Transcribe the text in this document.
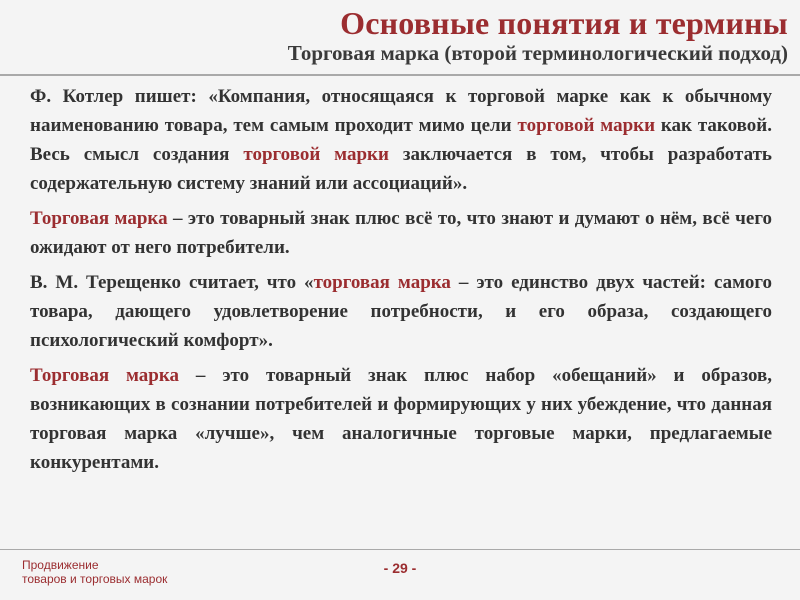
Основные понятия и термины
Торговая марка (второй терминологический подход)

Ф. Котлер пишет: «Компания, относящаяся к торговой марке как к обычному наименованию товара, тем самым проходит мимо цели торговой марки как таковой. Весь смысл создания торговой марки заключается в том, чтобы разработать содержательную систему знаний или ассоциаций».

Торговая марка – это товарный знак плюс всё то, что знают и думают о нём, всё чего ожидают от него потребители.

В. М. Терещенко считает, что «торговая марка – это единство двух частей: самого товара, дающего удовлетворение потребности, и его образа, создающего психологический комфорт».

Торговая марка – это товарный знак плюс набор «обещаний» и образов, возникающих в сознании потребителей и формирующих у них убеждение, что данная торговая марка «лучше», чем аналогичные торговые марки, предлагаемые конкурентами.

Продвижение
товаров и торговых марок
- 29 -
